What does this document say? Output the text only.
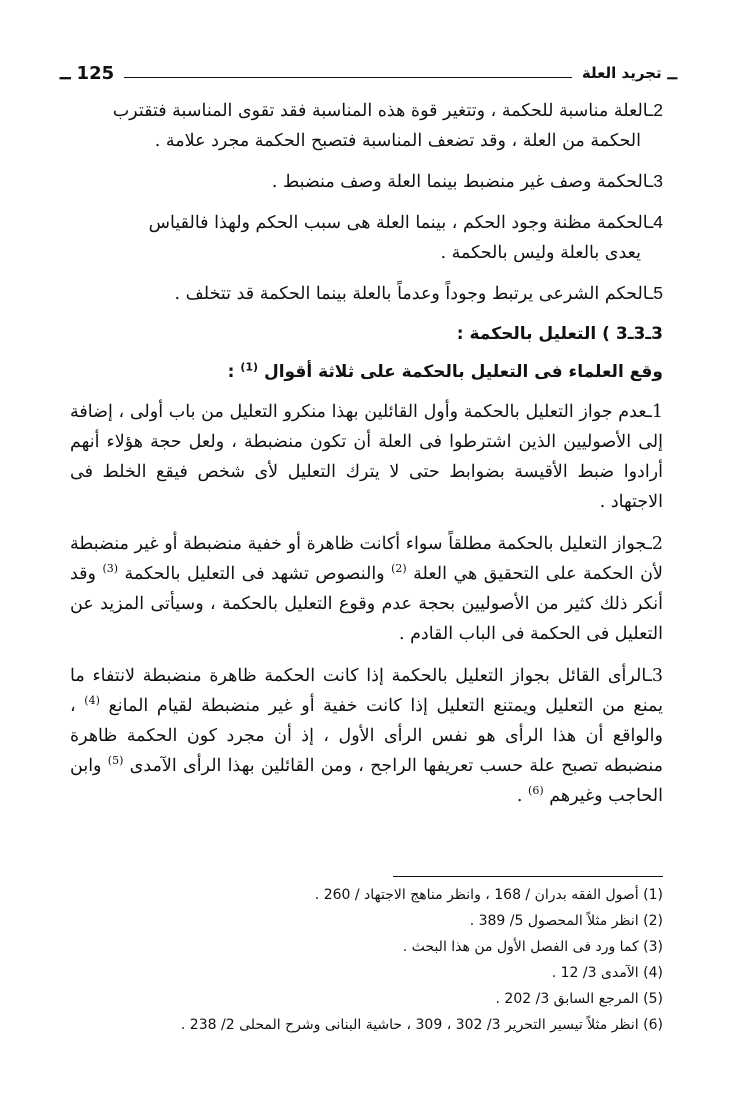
ــ
تجريد العلة
125
ــ
2ـالعلة مناسبة للحكمة ، وتتغير قوة هذه المناسبة فقد تقوى المناسبة فتقترب
الحكمة من العلة ، وقد تضعف المناسبة فتصبح الحكمة مجرد علامة .
3ـالحكمة وصف غير منضبط بينما العلة وصف منضبط .
4ـالحكمة مظنة وجود الحكم ، بينما العلة هى سبب الحكم ولهذا فالقياس
يعدى بالعلة وليس بالحكمة .
5ـالحكم الشرعى يرتبط وجوداً وعدماً بالعلة بينما الحكمة قد تتخلف .
3ـ3ـ3 ) التعليل بالحكمة :
وقع العلماء فى التعليل بالحكمة على ثلاثة أقوال $^{(1)}$ :

1ـعدم جواز التعليل بالحكمة وأول القائلين بهذا منكرو التعليل من باب أولى ، إضافة إلى الأصوليين الذين اشترطوا فى العلة أن تكون منضبطة ، ولعل حجة هؤلاء أنهم أرادوا ضبط الأقيسة بضوابط حتى لا يترك التعليل لأى شخص فيقع الخلط فى الاجتهاد .

2ـجواز التعليل بالحكمة مطلقاً سواء أكانت ظاهرة أو خفية منضبطة أو غير منضبطة لأن الحكمة على التحقيق هي العلة $^{(2)}$ والنصوص تشهد فى التعليل بالحكمة $^{(3)}$ وقد أنكر ذلك كثير من الأصوليين بحجة عدم وقوع التعليل بالحكمة ، وسيأتى المزيد عن التعليل فى الحكمة فى الباب القادم .

3ـالرأى القائل بجواز التعليل بالحكمة إذا كانت الحكمة ظاهرة منضبطة لانتفاء ما يمنع من التعليل ويمتنع التعليل إذا كانت خفية أو غير منضبطة لقيام المانع $^{(4)}$ ، والواقع أن هذا الرأى هو نفس الرأى الأول ، إذ أن مجرد كون الحكمة ظاهرة منضبطه تصبح علة حسب تعريفها الراجح ، ومن القائلين بهذا الرأى الآمدى $^{(5)}$ وابن الحاجب وغيرهم $^{(6)}$ .

(1) أصول الفقه بدران / 168 ، وانظر مناهج الاجتهاد / 260 .

(2) انظر مثلاً المحصول 5/ 389 .

(3) كما ورد فى الفصل الأول من هذا البحث .

(4) الآمدى 3/ 12 .

(5) المرجع السابق 3/ 202 .

(6) انظر مثلاً تيسير التحرير 3/ 302 ، 309 ، حاشية البنانى وشرح المحلى 2/ 238 .
